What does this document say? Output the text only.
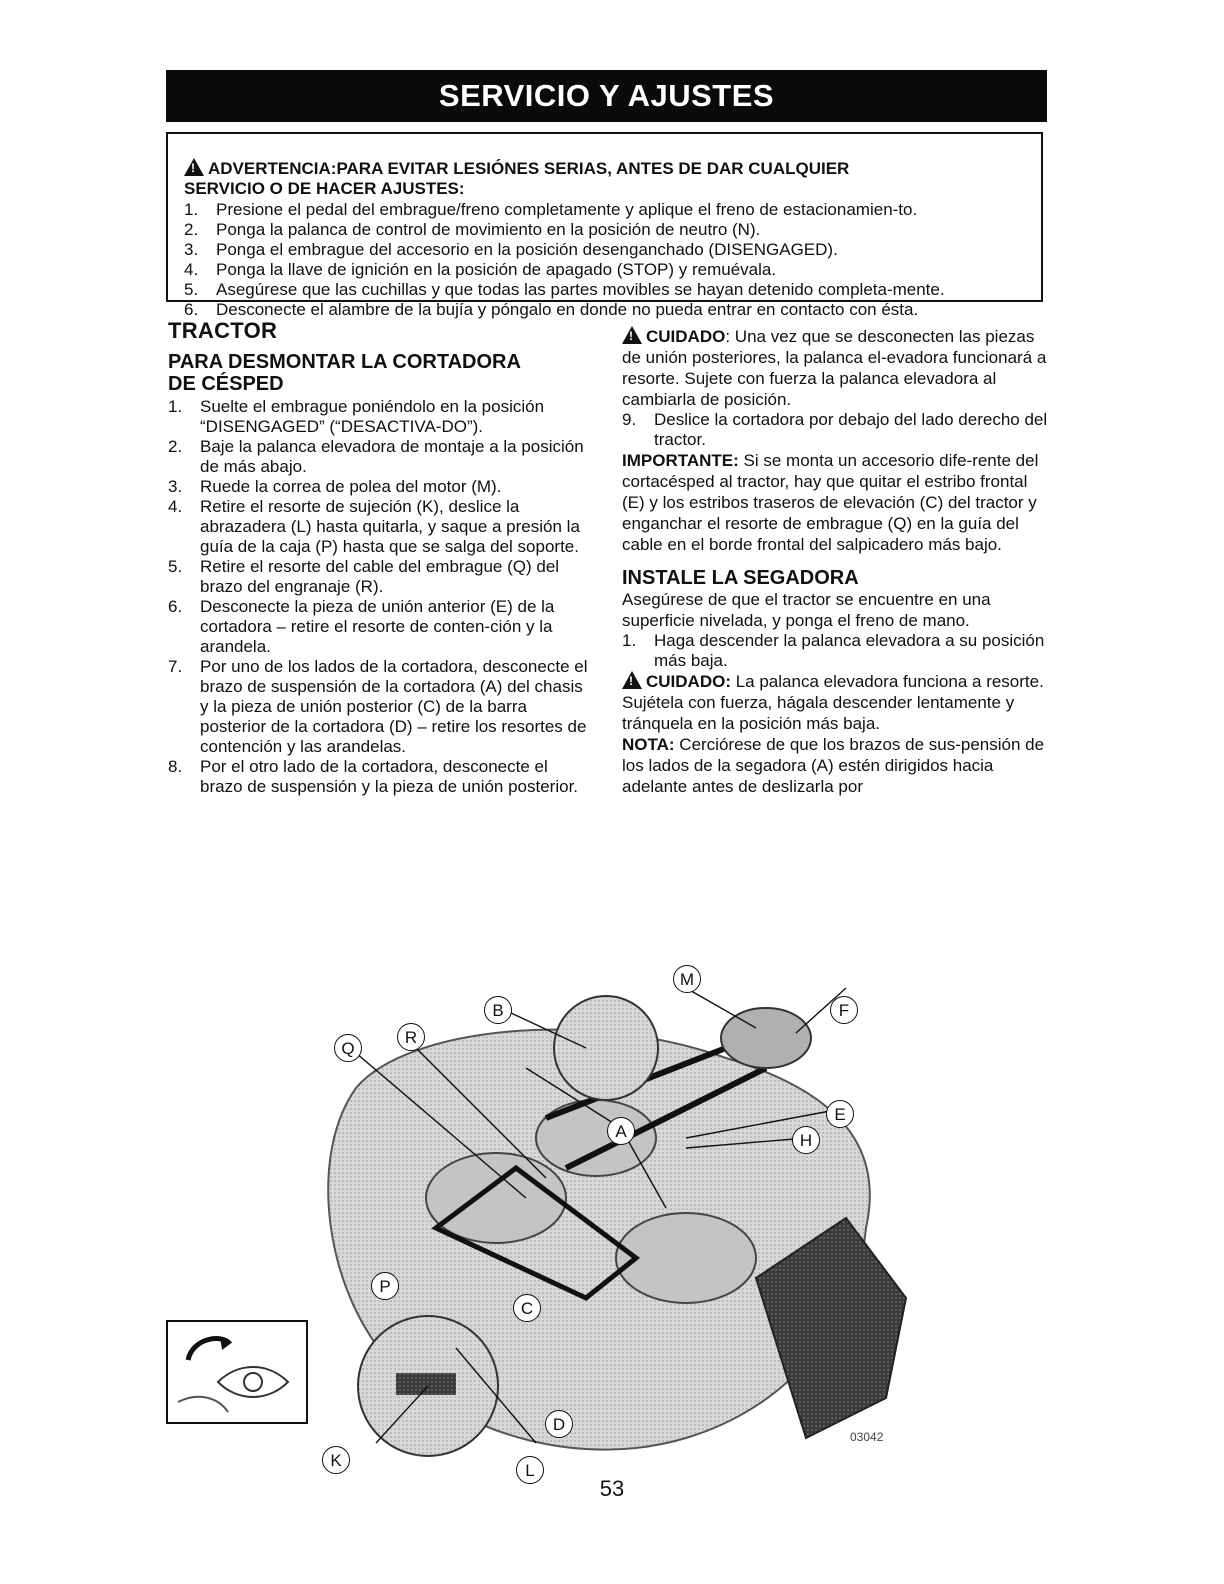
SERVICIO Y AJUSTES
!ADVERTENCIA:PARA EVITAR LESIÓNES SERIAS, ANTES DE DAR CUALQUIER
SERVICIO O DE HACER AJUSTES:
1.	Presione el pedal del embrague/freno completamente y aplique el freno de estacionamien-to.
2.	Ponga la palanca de control de movimiento en la posición de neutro (N).
3.	Ponga el embrague del accesorio en la posición desenganchado (DISENGAGED).
4.	Ponga la llave de ignición en la posición de apagado (STOP) y remuévala.
5.	Asegúrese que las cuchillas y que todas las partes movibles se hayan detenido completa-mente.
6.	Desconecte el alambre de la bujía y póngalo en donde no pueda entrar en contacto con ésta.
TRACTOR
PARA DESMONTAR LA CORTADORA
DE CÉSPED
1.	Suelte el embrague poniéndolo en la posición “DISENGAGED” (“DESACTIVA-DO”).
2.	Baje la palanca elevadora de montaje a la posición de más abajo.
3.	Ruede la correa de polea del motor (M).
4.	Retire el resorte de sujeción (K), deslice la abrazadera (L) hasta quitarla, y saque a presión la guía de la caja (P) hasta que se salga del soporte.
5.	Retire el resorte del cable del embrague (Q) del brazo del engranaje (R).
6.	Desconecte la pieza de unión anterior (E) de la cortadora – retire el resorte de conten-ción y la arandela.
7.	Por uno de los lados de la cortadora, desconecte el brazo de suspensión de la cortadora (A) del chasis y la pieza de unión posterior (C) de la barra posterior de la cortadora (D) – retire los resortes de contención y las arandelas.
8.	Por el otro lado de la cortadora, desconecte el brazo de suspensión y la pieza de unión posterior.

!CUIDADO: Una vez que se desconecten las piezas de unión posteriores, la palanca el-evadora funcionará a resorte. Sujete con fuerza la palanca elevadora al cambiarla de posición.

9.	Deslice la cortadora por debajo del lado derecho del tractor.

IMPORTANTE: Si se monta un accesorio dife-rente del cortacésped al tractor, hay que quitar el estribo frontal (E) y los estribos traseros de elevación (C) del tractor y enganchar el resorte de embrague (Q) en la guía del cable en el borde frontal del salpicadero más bajo.

INSTALE LA SEGADORA

Asegúrese de que el tractor se encuentre en una superficie nivelada, y ponga el freno de mano.

1.	Haga descender la palanca elevadora a su posición más baja.

!CUIDADO: La palanca elevadora funciona a resorte. Sujétela con fuerza, hágala descender lentamente y tránquela en la posición más baja.

NOTA: Cerciórese de que los brazos de sus-pensión de los lados de la segadora (A) estén dirigidos hacia adelante antes de deslizarla por

M
F
B
Q
R
A
E
H
P
C
D
K
L
03042
53
